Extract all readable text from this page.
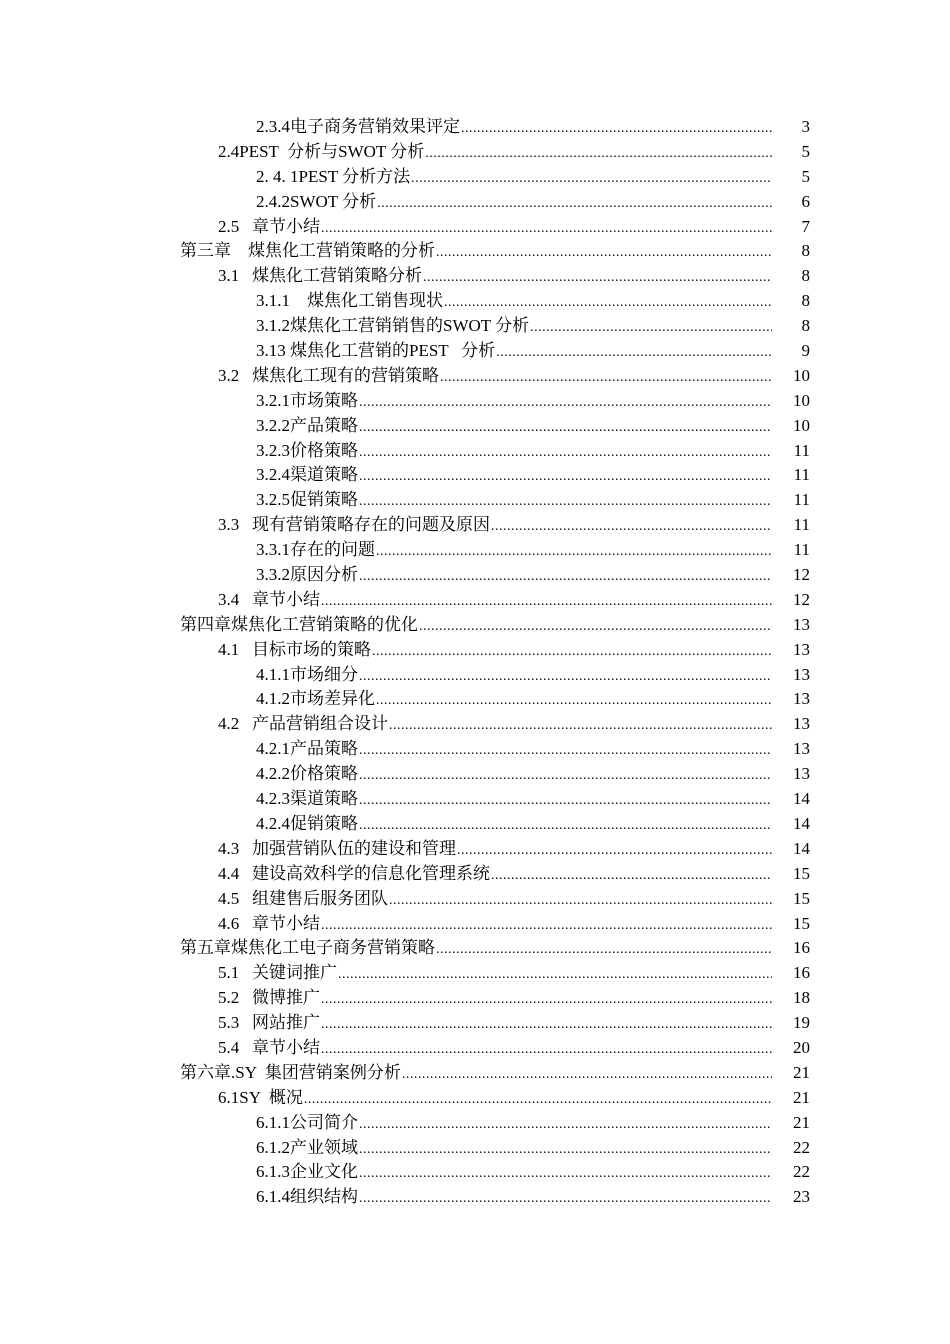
2.3.4电子商务营销效果评定 .....	3
2.4PEST  分析与SWOT 分析 .....	5
2. 4. 1PEST 分析方法 .....	5
2.4.2SWOT 分析 .....	6
2.5   章节小结 .....	7
第三章    煤焦化工营销策略的分析 .....	8
3.1   煤焦化工营销策略分析 .....	8
3.1.1    煤焦化工销售现状 .....	8
3.1.2煤焦化工营销销售的SWOT 分析 .....	8
3.13 煤焦化工营销的PEST   分析 .....	9
3.2   煤焦化工现有的营销策略 .....	10
3.2.1市场策略 .....	10
3.2.2产品策略 .....	10
3.2.3价格策略 .....	11
3.2.4渠道策略 .....	11
3.2.5促销策略 .....	11
3.3   现有营销策略存在的问题及原因 .....	11
3.3.1存在的问题 .....	11
3.3.2原因分析 .....	12
3.4   章节小结 .....	12
第四章煤焦化工营销策略的优化 .....	13
4.1   目标市场的策略 .....	13
4.1.1市场细分 .....	13
4.1.2市场差异化 .....	13
4.2   产品营销组合设计 .....	13
4.2.1产品策略 .....	13
4.2.2价格策略 .....	13
4.2.3渠道策略 .....	14
4.2.4促销策略 .....	14
4.3   加强营销队伍的建设和管理 .....	14
4.4   建设高效科学的信息化管理系统 .....	15
4.5   组建售后服务团队 .....	15
4.6   章节小结 .....	15
第五章煤焦化工电子商务营销策略 .....	16
5.1   关键词推广 .....	16
5.2   微博推广 .....	18
5.3   网站推广 .....	19
5.4   章节小结 .....	20
第六章.SY  集团营销案例分析 .....	21
6.1SY  概况 .....	21
6.1.1公司简介 .....	21
6.1.2产业领域 .....	22
6.1.3企业文化 .....	22
6.1.4组织结构 .....	23
